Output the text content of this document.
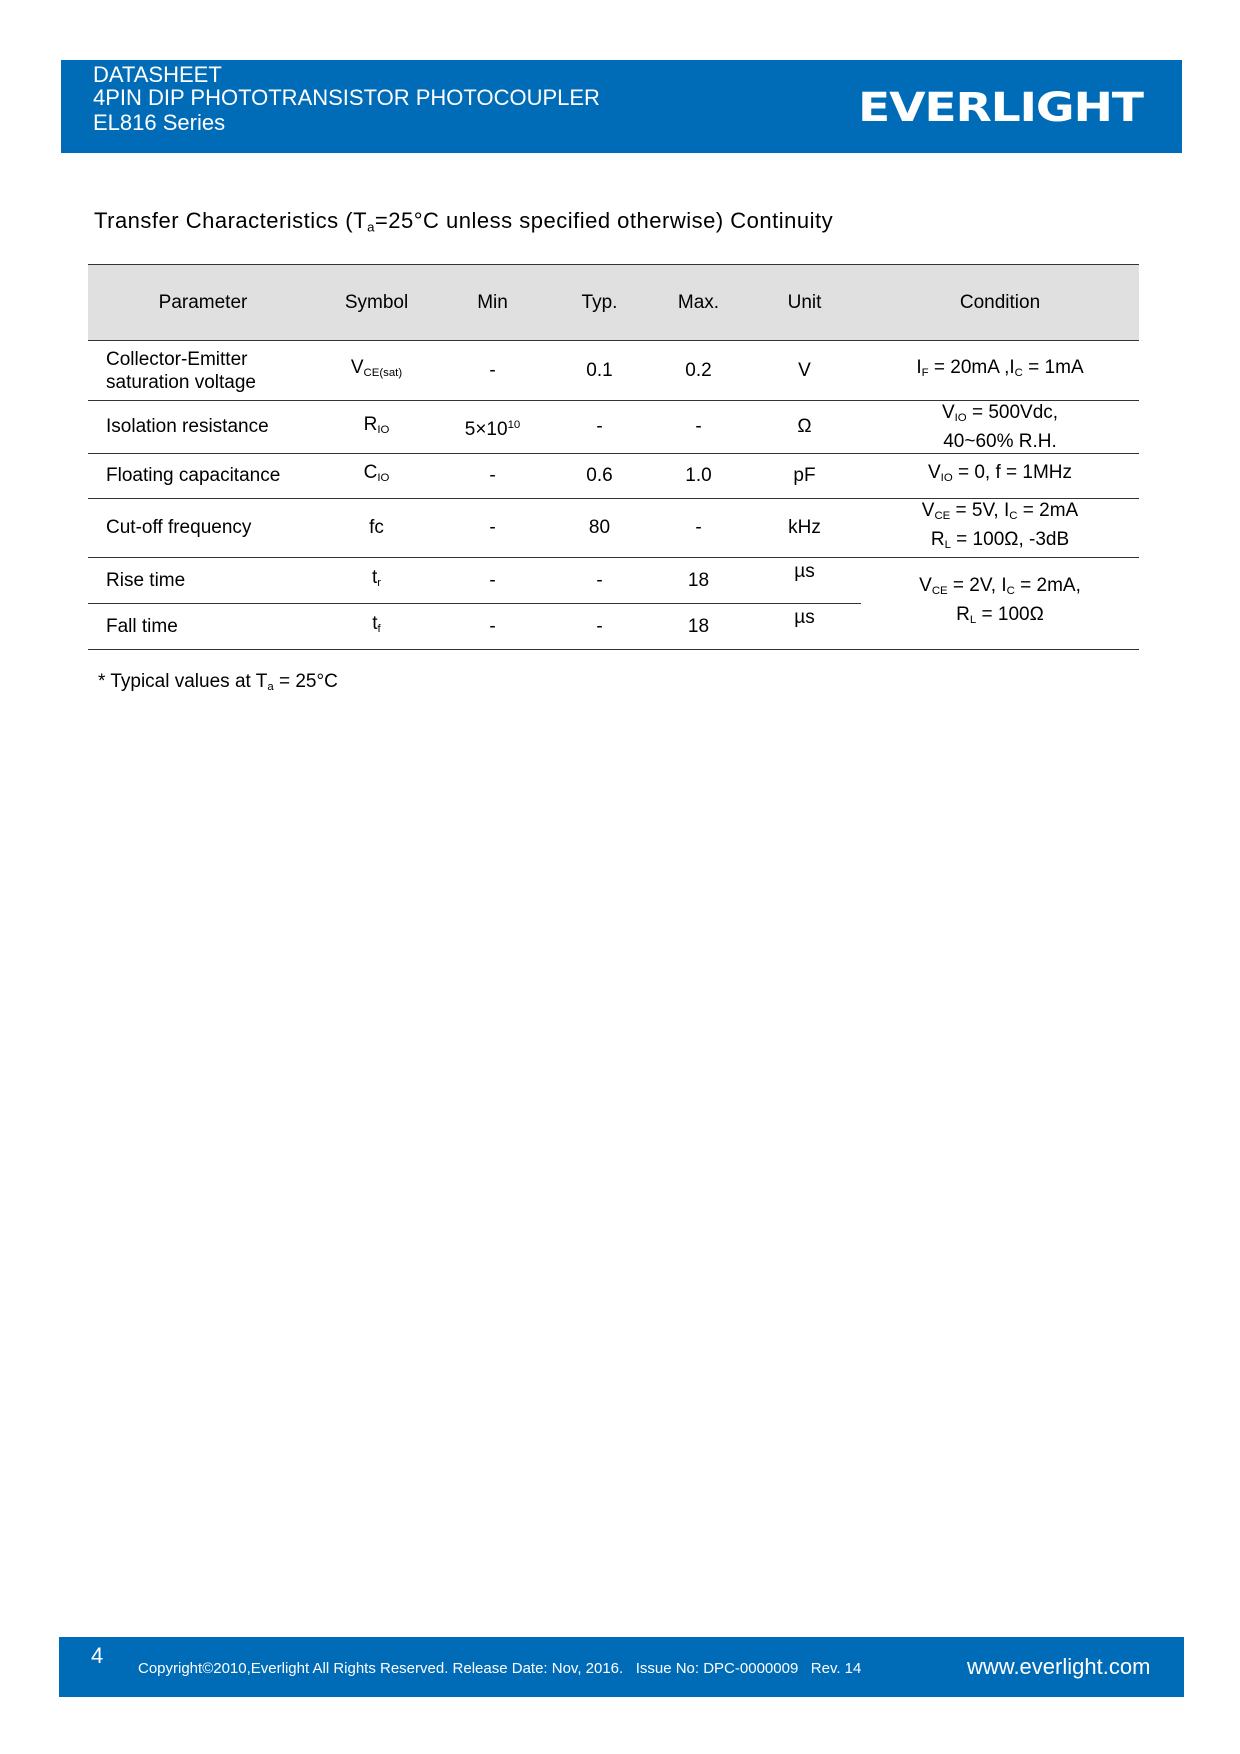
DATASHEET
4PIN DIP PHOTOTRANSISTOR PHOTOCOUPLER
EL816 Series	EVERLIGHT
Transfer Characteristics ($T_a=25^\circ C$ unless specified otherwise) Continuity
Parameter	Symbol	Min	Typ.	Max.	Unit	Condition
Collector-Emitter
saturation voltage	$V_{CE(sat)}$	-	0.1	0.2	V	$I_F = 20mA$ $,I_C = 1mA$
Isolation resistance	$R_{IO}$	$5\times 10^{10}$	-	-	Ω	$V_{IO} = 500Vdc$,
40~60% R.H.
Floating capacitance	$C_{IO}$	-	0.6	1.0	pF	$V_{IO} = 0$, f = 1MHz
Cut-off frequency	fc	-	80	-	kHz	$V_{CE} = 5V$, $I_C = 2mA$
$R_L = 100\Omega$, -3dB
Rise time	$t_r$	-	-	18	µs	$V_{CE} = 2V$, $I_C = 2mA$,
$R_L = 100\Omega$
Fall time	$t_f$	-	-	18	µs	
* Typical values at $T_a = 25^\circ C$
4
Copyright©2010,Everlight All Rights Reserved. Release Date: Nov, 2016.   Issue No: DPC-0000009   Rev. 14	www.everlight.com
